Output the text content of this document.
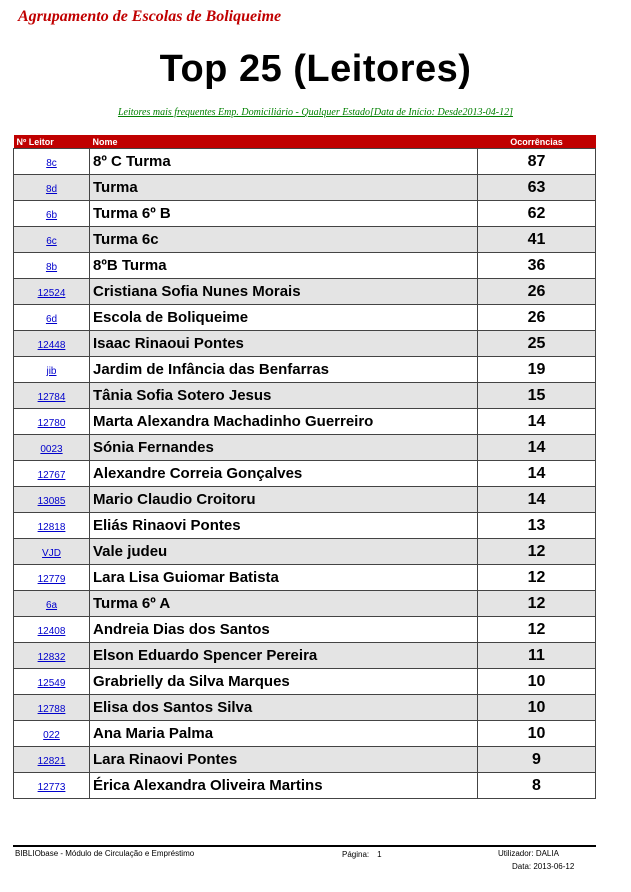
Agrupamento de Escolas de Boliqueime
Top 25 (Leitores)
Leitores mais frequentes Emp. Domiciliário - Qualquer Estado[Data de Início: Desde2013-04-12]
Nº Leitor	Nome	Ocorrências
8c	8º C Turma	87
8d	Turma	63
6b	Turma 6º B	62
6c	Turma 6c	41
8b	8ºB Turma	36
12524	Cristiana Sofia Nunes Morais	26
6d	Escola de Boliqueime	26
12448	Isaac Rinaoui Pontes	25
jib	Jardim de Infância das Benfarras	19
12784	Tânia Sofia Sotero Jesus	15
12780	Marta Alexandra Machadinho Guerreiro	14
0023	Sónia Fernandes	14
12767	Alexandre Correia Gonçalves	14
13085	Mario Claudio Croitoru	14
12818	Eliás Rinaovi Pontes	13
VJD	Vale judeu	12
12779	Lara Lisa Guiomar Batista	12
6a	Turma 6º A	12
12408	Andreia Dias dos Santos	12
12832	Elson Eduardo Spencer Pereira	11
12549	Grabrielly da Silva Marques	10
12788	Elisa dos Santos Silva	10
022	Ana Maria Palma	10
12821	Lara Rinaovi Pontes	9
12773	Érica Alexandra Oliveira Martins	8
BIBLIObase - Módulo de Circulação e Empréstimo	Página: 1	Utilizador: DALIA
Data: 2013-06-12
